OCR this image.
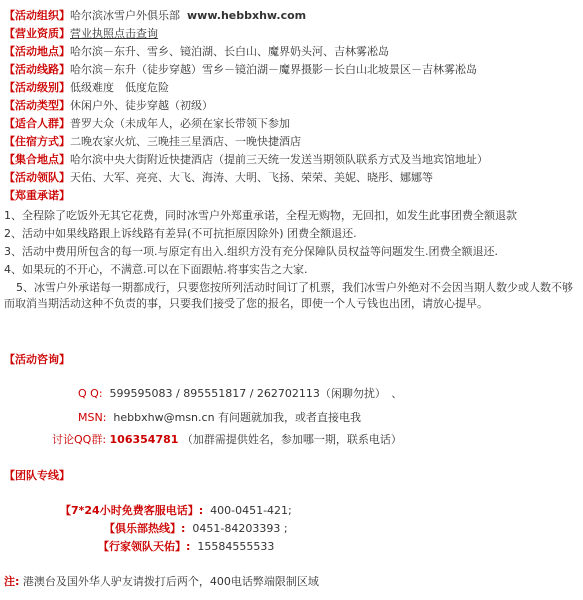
【活动组织】哈尔滨冰雪户外俱乐部 www.hebbxhw.com
【营业资质】营业执照点击查询
【活动地点】哈尔滨－东升、雪乡、镜泊湖、长白山、魔界奶头河、吉林雾凇岛
【活动线路】哈尔滨－东升（徒步穿越）雪乡－镜泊湖－魔界摄影－长白山北坡景区－吉林雾凇岛
【活动级别】低级难度　低度危险
【活动类型】休闲户外、徒步穿越（初级）
【适合人群】普罗大众（未成年人，必须在家长带领下参加
【住宿方式】二晚农家火炕、三晚挂三星酒店、一晚快捷酒店
【集合地点】哈尔滨中央大街附近快捷酒店（提前三天统一发送当期领队联系方式及当地宾馆地址）
【活动领队】天佑、大军、亮亮、大飞、海涛、大明、飞扬、荣荣、美妮、晓彤、娜娜等
【郑重承诺】
1、全程除了吃饭外无其它花费，同时冰雪户外郑重承诺，全程无购物，无回扣，如发生此事团费全额退款
2、活动中如果线路跟上诉线路有差异(不可抗拒原因除外) 团费全额退还.
3、活动中费用所包含的每一项.与原定有出入.组织方没有充分保障队员权益等问题发生.团费全额退还.
4、如果玩的不开心，不满意.可以在下面跟帖.将事实告之大家.
5、冰雪户外承诺每一期都成行，只要您按所列活动时间订了机票，我们冰雪户外绝对不会因当期人数少或人数不够而取消当期活动这种不负责的事，只要我们接受了您的报名，即使一个人亏钱也出团，请放心提早。
【活动咨询】
Q Q: 599595083 / 895551817 / 262702113（闲聊勿扰）　、
MSN: hebbxhw@msn.cn 有问题就加我，或者直接电我
讨论QQ群: 106354781 （加群需提供姓名，参加哪一期，联系电话）
【团队专线】
【7*24小时免费客服电话】: 400-0451-421;
【俱乐部热线】: 0451-84203393 ;
【行家领队天佑】: 15584555533
注: 港澳台及国外华人驴友请拨打后两个，400电话弊端限制区域
